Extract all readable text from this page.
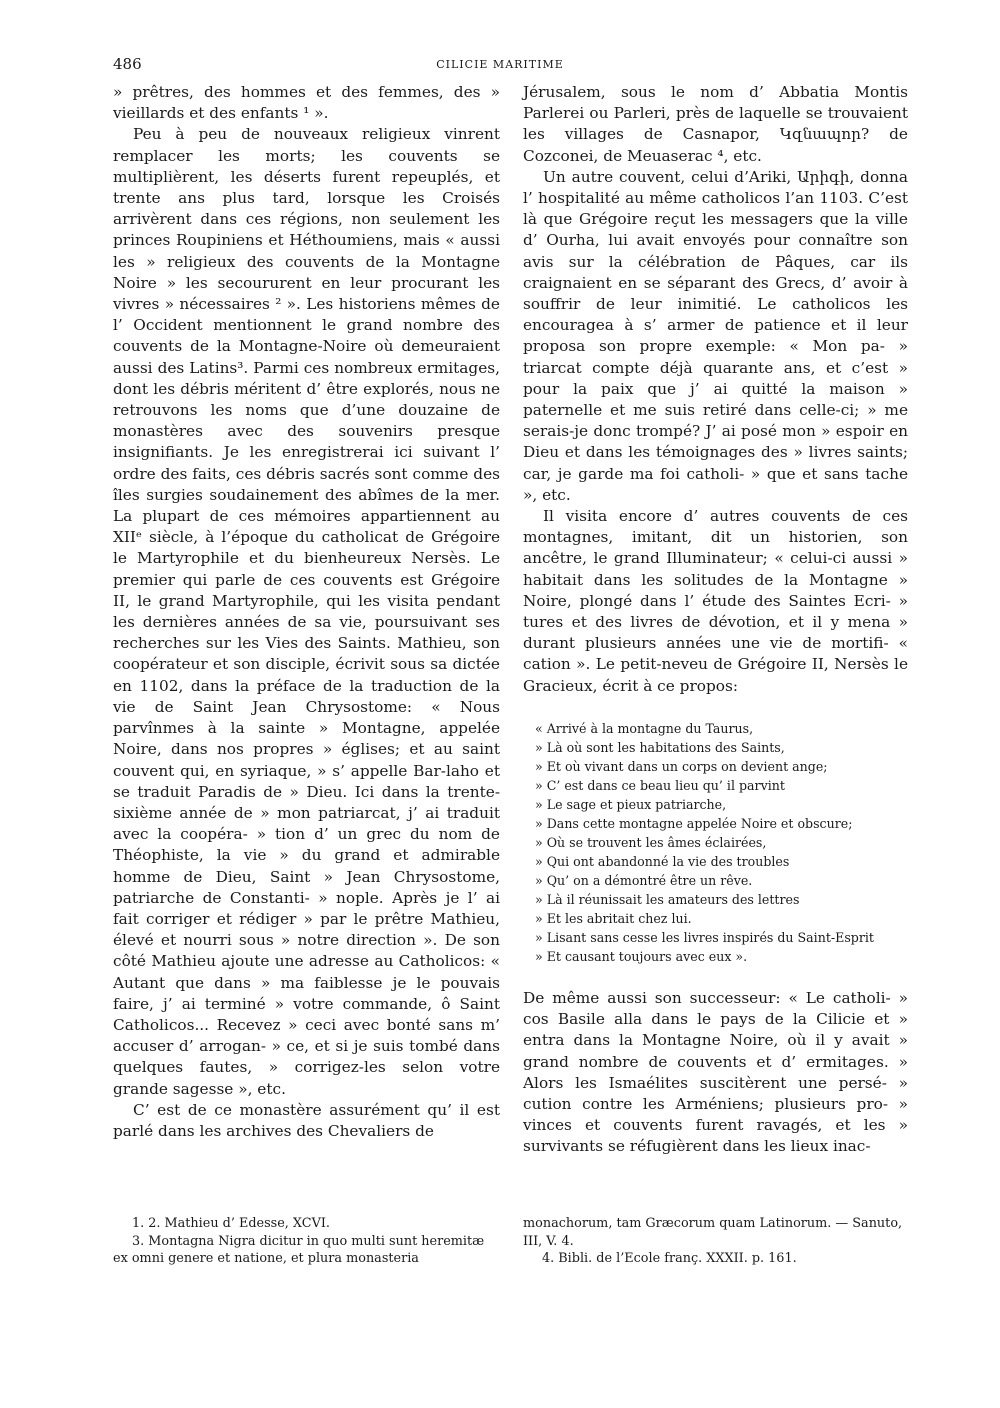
486	CILICIE MARITIME

» prêtres, des hommes et des femmes, des » vieillards et des enfants ¹ ».

Peu à peu de nouveaux religieux vinrent remplacer les morts; les couvents se multiplièrent, les déserts furent repeuplés, et trente ans plus tard, lorsque les Croisés arrivèrent dans ces régions, non seulement les princes Roupiniens et Héthoumiens, mais « aussi les » religieux des couvents de la Montagne Noire » les secoururent en leur procurant les vivres » nécessaires ² ». Les historiens mêmes de l’ Occident mentionnent le grand nombre des couvents de la Montagne-Noire où demeuraient aussi des Latins³. Parmi ces nombreux ermitages, dont les débris méritent d’ être explorés, nous ne retrouvons les noms que d’une douzaine de monastères avec des souvenirs presque insignifiants. Je les enregistrerai ici suivant l’ ordre des faits, ces débris sacrés sont comme des îles surgies soudainement des abîmes de la mer. La plupart de ces mémoires appartiennent au XIIᵉ siècle, à l’époque du catholicat de Grégoire le Martyrophile et du bienheureux Nersès. Le premier qui parle de ces couvents est Grégoire II, le grand Martyrophile, qui les visita pendant les dernières années de sa vie, poursuivant ses recherches sur les Vies des Saints. Mathieu, son coopérateur et son disciple, écrivit sous sa dictée en 1102, dans la préface de la traduction de la vie de Saint Jean Chrysostome: « Nous parvînmes à la sainte » Montagne, appelée Noire, dans nos propres » églises; et au saint couvent qui, en syriaque, » s’ appelle Bar-laho et se traduit Paradis de » Dieu. Ici dans la trente-sixième année de » mon patriarcat, j’ ai traduit avec la coopéra- » tion d’ un grec du nom de Théophiste, la vie » du grand et admirable homme de Dieu, Saint » Jean Chrysostome, patriarche de Constanti- » nople. Après je l’ ai fait corriger et rédiger » par le prêtre Mathieu, élevé et nourri sous » notre direction ». De son côté Mathieu ajoute une adresse au Catholicos: « Autant que dans » ma faiblesse je le pouvais faire, j’ ai terminé » votre commande, ô Saint Catholicos... Recevez » ceci avec bonté sans m’ accuser d’ arrogan- » ce, et si je suis tombé dans quelques fautes, » corrigez-les selon votre grande sagesse », etc.

C’ est de ce monastère assurément qu’ il est parlé dans les archives des Chevaliers de

Jérusalem, sous le nom d’ Abbatia Montis Parlerei ou Parleri, près de laquelle se trouvaient les villages de Casnapor, Կզնապոր? de Cozconei, de Meuaserac ⁴, etc.

Un autre couvent, celui d’Ariki, Արիգի, donna l’ hospitalité au même catholicos l’an 1103. C’est là que Grégoire reçut les messagers que la ville d’ Ourha, lui avait envoyés pour connaître son avis sur la célébration de Pâques, car ils craignaient en se séparant des Grecs, d’ avoir à souffrir de leur inimitié. Le catholicos les encouragea à s’ armer de patience et il leur proposa son propre exemple: « Mon pa- » triarcat compte déjà quarante ans, et c’est » pour la paix que j’ ai quitté la maison » paternelle et me suis retiré dans celle-ci; » me serais-je donc trompé? J’ ai posé mon » espoir en Dieu et dans les témoignages des » livres saints; car, je garde ma foi catholi- » que et sans tache », etc.

Il visita encore d’ autres couvents de ces montagnes, imitant, dit un historien, son ancêtre, le grand Illuminateur; « celui-ci aussi » habitait dans les solitudes de la Montagne » Noire, plongé dans l’ étude des Saintes Ecri- » tures et des livres de dévotion, et il y mena » durant plusieurs années une vie de mortifi- « cation ». Le petit-neveu de Grégoire II, Nersès le Gracieux, écrit à ce propos:

« Arrivé à la montagne du Taurus,
» Là où sont les habitations des Saints,
» Et où vivant dans un corps on devient ange;
» C’ est dans ce beau lieu qu’ il parvint
» Le sage et pieux patriarche,
» Dans cette montagne appelée Noire et obscure;
» Où se trouvent les âmes éclairées,
» Qui ont abandonné la vie des troubles
» Qu’ on a démontré être un rêve.
» Là il réunissait les amateurs des lettres
» Et les abritait chez lui.
» Lisant sans cesse les livres inspirés du Saint-Esprit
» Et causant toujours avec eux ».

De même aussi son successeur: « Le catholi- » cos Basile alla dans le pays de la Cilicie et » entra dans la Montagne Noire, où il y avait » grand nombre de couvents et d’ ermitages. » Alors les Ismaélites suscitèrent une persé- » cution contre les Arméniens; plusieurs pro- » vinces et couvents furent ravagés, et les » survivants se réfugièrent dans les lieux inac-

1. 2. Mathieu d’ Edesse, XCVI.
3. Montagna Nigra dicitur in quo multi sunt heremitæ ex omni genere et natione, et plura monasteria
monachorum, tam Græcorum quam Latinorum. — Sanuto, III, V. 4.
4. Bibli. de l’Ecole franç. XXXII. p. 161.
